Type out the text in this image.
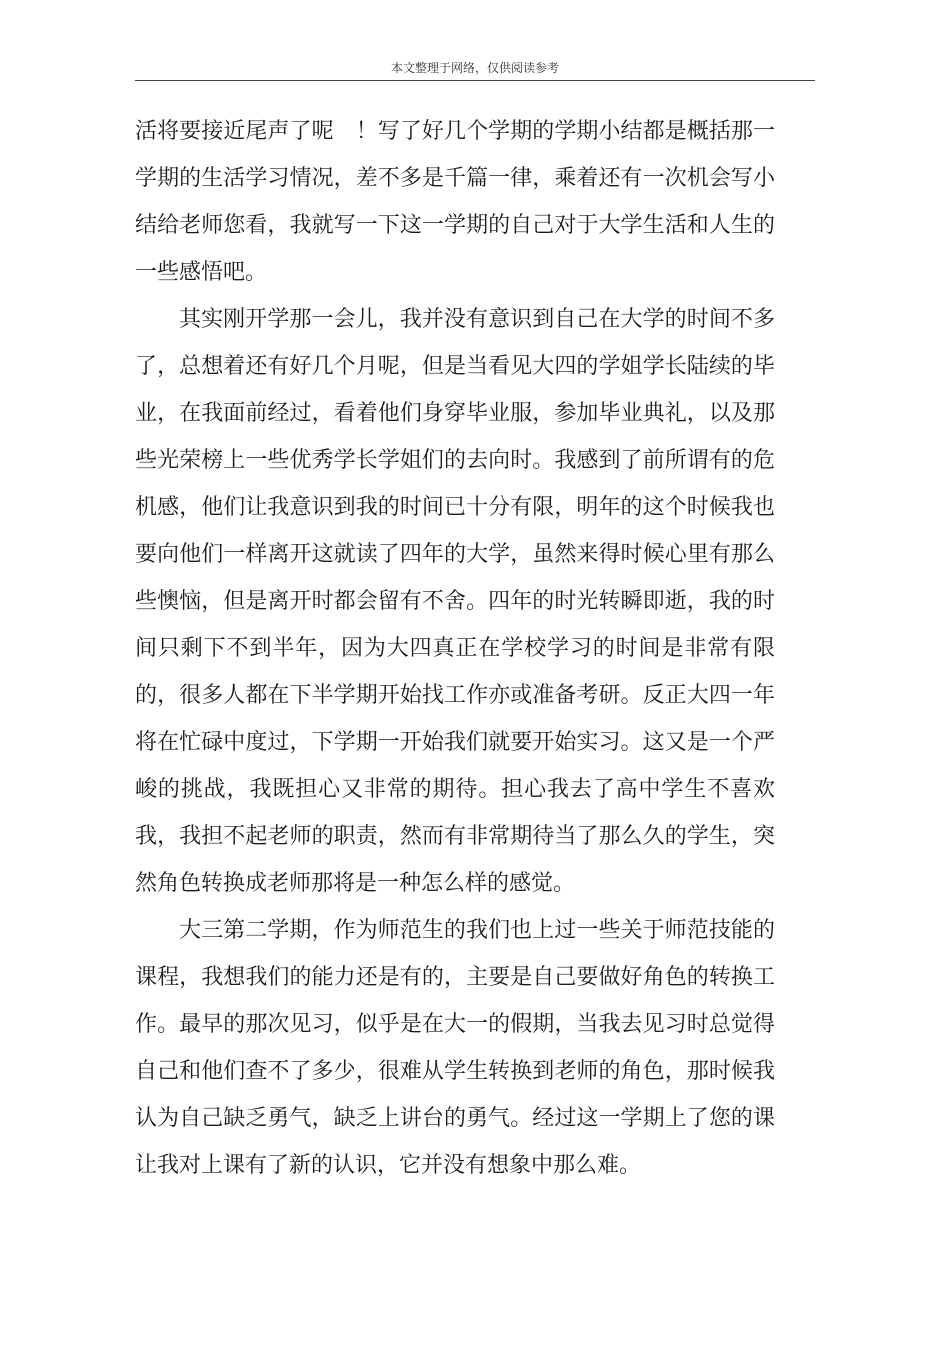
本文整理于网络，仅供阅读参考

活将要接近尾声了呢　！写了好几个学期的学期小结都是概括那一学期的生活学习情况，差不多是千篇一律，乘着还有一次机会写小结给老师您看，我就写一下这一学期的自己对于大学生活和人生的一些感悟吧。

其实刚开学那一会儿，我并没有意识到自己在大学的时间不多了，总想着还有好几个月呢，但是当看见大四的学姐学长陆续的毕业，在我面前经过，看着他们身穿毕业服，参加毕业典礼，以及那些光荣榜上一些优秀学长学姐们的去向时。我感到了前所谓有的危机感，他们让我意识到我的时间已十分有限，明年的这个时候我也要向他们一样离开这就读了四年的大学，虽然来得时候心里有那么些懊恼，但是离开时都会留有不舍。四年的时光转瞬即逝，我的时间只剩下不到半年，因为大四真正在学校学习的时间是非常有限的，很多人都在下半学期开始找工作亦或准备考研。反正大四一年将在忙碌中度过，下学期一开始我们就要开始实习。这又是一个严峻的挑战，我既担心又非常的期待。担心我去了高中学生不喜欢我，我担不起老师的职责，然而有非常期待当了那么久的学生，突然角色转换成老师那将是一种怎么样的感觉。

大三第二学期，作为师范生的我们也上过一些关于师范技能的课程，我想我们的能力还是有的，主要是自己要做好角色的转换工作。最早的那次见习，似乎是在大一的假期，当我去见习时总觉得自己和他们查不了多少，很难从学生转换到老师的角色，那时候我认为自己缺乏勇气，缺乏上讲台的勇气。经过这一学期上了您的课让我对上课有了新的认识，它并没有想象中那么难。
